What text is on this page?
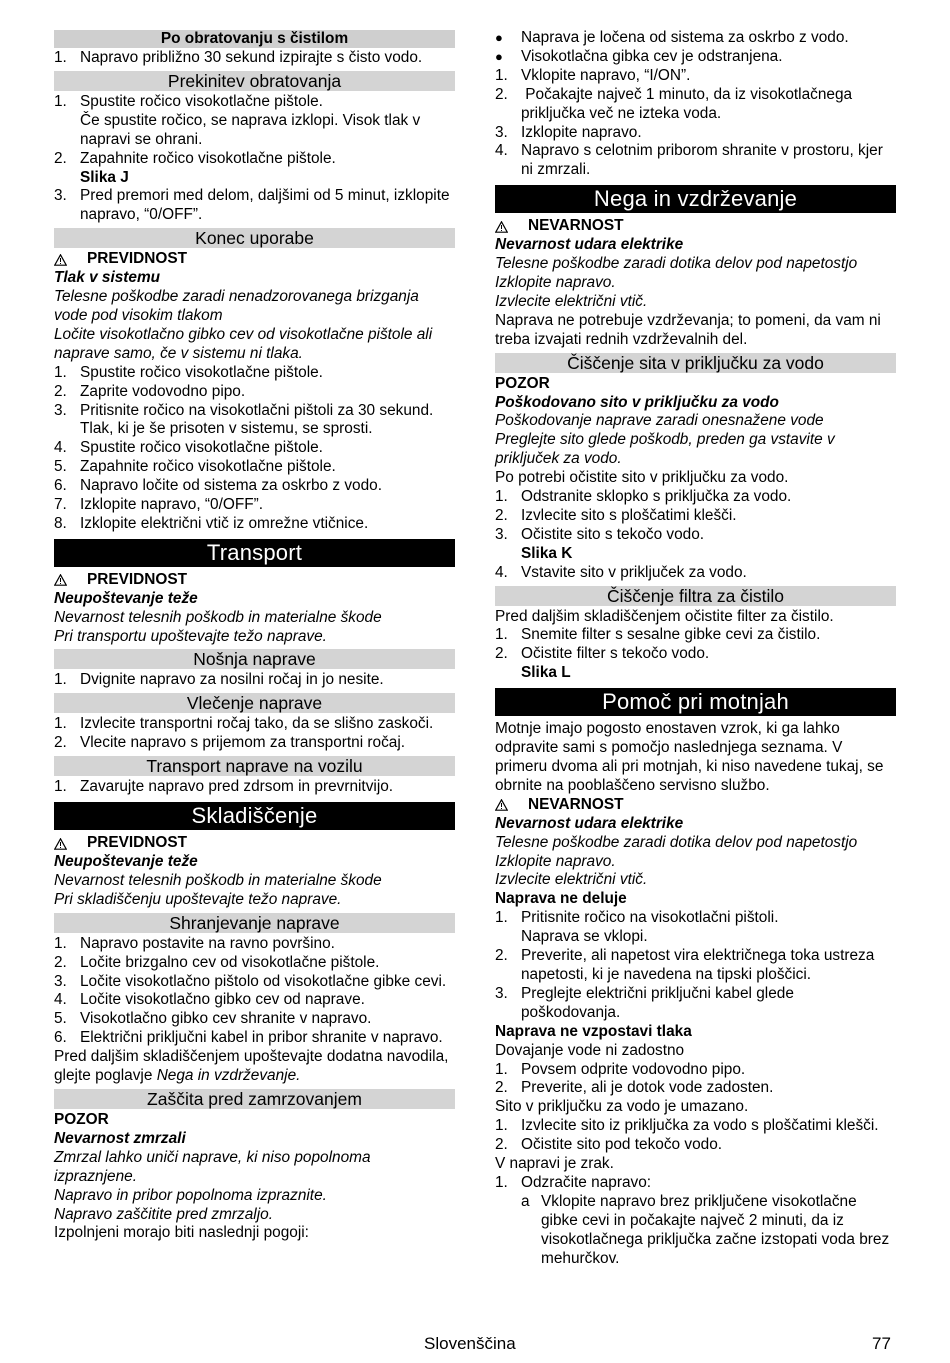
Po obratovanju s čistilom
1. Napravo približno 30 sekund izpirajte s čisto vodo.
Prekinitev obratovanja
1. Spustite ročico visokotlačne pištole.
Če spustite ročico, se naprava izklopi. Visok tlak v napravi se ohrani.
2. Zapahnite ročico visokotlačne pištole.
Slika J
3. Pred premori med delom, daljšimi od 5 minut, izklopite napravo, “0/OFF”.
Konec uporabe
PREVIDNOST

Tlak v sistemu

Telesne poškodbe zaradi nenadzorovanega brizganja vode pod visokim tlakom

Ločite visokotlačno gibko cev od visokotlačne pištole ali naprave samo, če v sistemu ni tlaka.

1. Spustite ročico visokotlačne pištole.
2. Zaprite vodovodno pipo.
3. Pritisnite ročico na visokotlačni pištoli za 30 sekund. Tlak, ki je še prisoten v sistemu, se sprosti.
4. Spustite ročico visokotlačne pištole.
5. Zapahnite ročico visokotlačne pištole.
6. Napravo ločite od sistema za oskrbo z vodo.
7. Izklopite napravo, “0/OFF”.
8. Izklopite električni vtič iz omrežne vtičnice.
Transport
PREVIDNOST

Neupoštevanje teže

Nevarnost telesnih poškodb in materialne škode

Pri transportu upoštevajte težo naprave.

Nošnja naprave
1. Dvignite napravo za nosilni ročaj in jo nesite.
Vlečenje naprave
1. Izvlecite transportni ročaj tako, da se slišno zaskoči.
2. Vlecite napravo s prijemom za transportni ročaj.
Transport naprave na vozilu
1. Zavarujte napravo pred zdrsom in prevrnitvijo.
Skladiščenje
PREVIDNOST

Neupoštevanje teže

Nevarnost telesnih poškodb in materialne škode

Pri skladiščenju upoštevajte težo naprave.

Shranjevanje naprave
1. Napravo postavite na ravno površino.
2. Ločite brizgalno cev od visokotlačne pištole.
3. Ločite visokotlačno pištolo od visokotlačne gibke cevi.
4. Ločite visokotlačno gibko cev od naprave.
5. Visokotlačno gibko cev shranite v napravo.
6. Električni priključni kabel in pribor shranite v napravo.

Pred daljšim skladiščenjem upoštevajte dodatna navodila, glejte poglavje Nega in vzdrževanje.

Zaščita pred zamrzovanjem

POZOR

Nevarnost zmrzali

Zmrzal lahko uniči naprave, ki niso popolnoma izpraznjene.

Napravo in pribor popolnoma izpraznite.

Napravo zaščitite pred zmrzaljo.

Izpolnjeni morajo biti naslednji pogoji:

●	Naprava je ločena od sistema za oskrbo z vodo.
●	Visokotlačna gibka cev je odstranjena.
1. Vklopite napravo, “I/ON”.
2. Počakajte največ 1 minuto, da iz visokotlačnega priključka več ne izteka voda.
3. Izklopite napravo.
4. Napravo s celotnim priborom shranite v prostoru, kjer ni zmrzali.
Nega in vzdrževanje
NEVARNOST

Nevarnost udara elektrike

Telesne poškodbe zaradi dotika delov pod napetostjo

Izklopite napravo.

Izvlecite električni vtič.

Naprava ne potrebuje vzdrževanja; to pomeni, da vam ni treba izvajati rednih vzdrževalnih del.

Čiščenje sita v priključku za vodo

POZOR

Poškodovano sito v priključku za vodo

Poškodovanje naprave zaradi onesnažene vode

Preglejte sito glede poškodb, preden ga vstavite v priključek za vodo.

Po potrebi očistite sito v priključku za vodo.

1. Odstranite sklopko s priključka za vodo.
2. Izvlecite sito s ploščatimi klešči.
3. Očistite sito s tekočo vodo.
Slika K
4. Vstavite sito v priključek za vodo.
Čiščenje filtra za čistilo

Pred daljšim skladiščenjem očistite filter za čistilo.

1. Snemite filter s sesalne gibke cevi za čistilo.
2. Očistite filter s tekočo vodo.
Slika L
Pomoč pri motnjah

Motnje imajo pogosto enostaven vzrok, ki ga lahko odpravite sami s pomočjo naslednjega seznama. V primeru dvoma ali pri motnjah, ki niso navedene tukaj, se obrnite na pooblaščeno servisno službo.

NEVARNOST

Nevarnost udara elektrike

Telesne poškodbe zaradi dotika delov pod napetostjo

Izklopite napravo.

Izvlecite električni vtič.

Naprava ne deluje

1. Pritisnite ročico na visokotlačni pištoli.
Naprava se vklopi.
2. Preverite, ali napetost vira električnega toka ustreza napetosti, ki je navedena na tipski ploščici.
3. Preglejte električni priključni kabel glede poškodovanja.

Naprava ne vzpostavi tlaka

Dovajanje vode ni zadostno

1. Povsem odprite vodovodno pipo.
2. Preverite, ali je dotok vode zadosten.

Sito v priključku za vodo je umazano.

1. Izvlecite sito iz priključka za vodo s ploščatimi klešči.
2. Očistite sito pod tekočo vodo.

V napravi je zrak.

1. Odzračite napravo:
a Vklopite napravo brez priključene visokotlačne gibke cevi in počakajte največ 2 minuti, da iz visokotlačnega priključka začne izstopati voda brez mehurčkov.
Slovenščina	77
